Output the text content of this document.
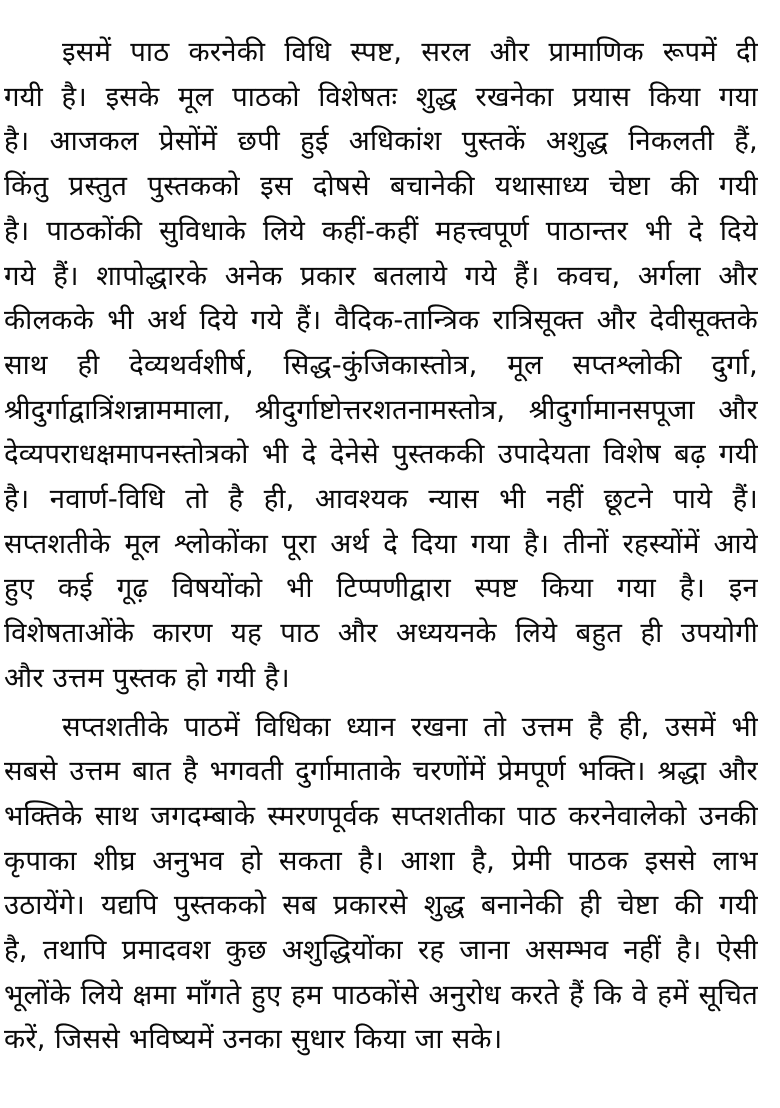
इसमें पाठ करनेकी विधि स्पष्ट, सरल और प्रामाणिक रूपमें दी
गयी है। इसके मूल पाठको विशेषतः शुद्ध रखनेका प्रयास किया गया
है। आजकल प्रेसोंमें छपी हुई अधिकांश पुस्तकें अशुद्ध निकलती हैं,
किंतु प्रस्तुत पुस्तकको इस दोषसे बचानेकी यथासाध्य चेष्टा की गयी
है। पाठकोंकी सुविधाके लिये कहीं-कहीं महत्त्वपूर्ण पाठान्तर भी दे दिये
गये हैं। शापोद्धारके अनेक प्रकार बतलाये गये हैं। कवच, अर्गला और
कीलकके भी अर्थ दिये गये हैं। वैदिक-तान्त्रिक रात्रिसूक्त और देवीसूक्तके
साथ ही देव्यथर्वशीर्ष, सिद्ध-कुंजिकास्तोत्र, मूल सप्तश्लोकी दुर्गा,
श्रीदुर्गाद्वात्रिंशन्नाममाला, श्रीदुर्गाष्टोत्तरशतनामस्तोत्र, श्रीदुर्गामानसपूजा और
देव्यपराधक्षमापनस्तोत्रको भी दे देनेसे पुस्तककी उपादेयता विशेष बढ़ गयी
है। नवार्ण-विधि तो है ही, आवश्यक न्यास भी नहीं छूटने पाये हैं।
सप्तशतीके मूल श्लोकोंका पूरा अर्थ दे दिया गया है। तीनों रहस्योंमें आये
हुए कई गूढ़ विषयोंको भी टिप्पणीद्वारा स्पष्ट किया गया है। इन
विशेषताओंके कारण यह पाठ और अध्ययनके लिये बहुत ही उपयोगी
और उत्तम पुस्तक हो गयी है।

सप्तशतीके पाठमें विधिका ध्यान रखना तो उत्तम है ही, उसमें भी
सबसे उत्तम बात है भगवती दुर्गामाताके चरणोंमें प्रेमपूर्ण भक्ति। श्रद्धा और
भक्तिके साथ जगदम्बाके स्मरणपूर्वक सप्तशतीका पाठ करनेवालेको उनकी
कृपाका शीघ्र अनुभव हो सकता है। आशा है, प्रेमी पाठक इससे लाभ
उठायेंगे। यद्यपि पुस्तकको सब प्रकारसे शुद्ध बनानेकी ही चेष्टा की गयी
है, तथापि प्रमादवश कुछ अशुद्धियोंका रह जाना असम्भव नहीं है। ऐसी
भूलोंके लिये क्षमा माँगते हुए हम पाठकोंसे अनुरोध करते हैं कि वे हमें सूचित
करें, जिससे भविष्यमें उनका सुधार किया जा सके।
